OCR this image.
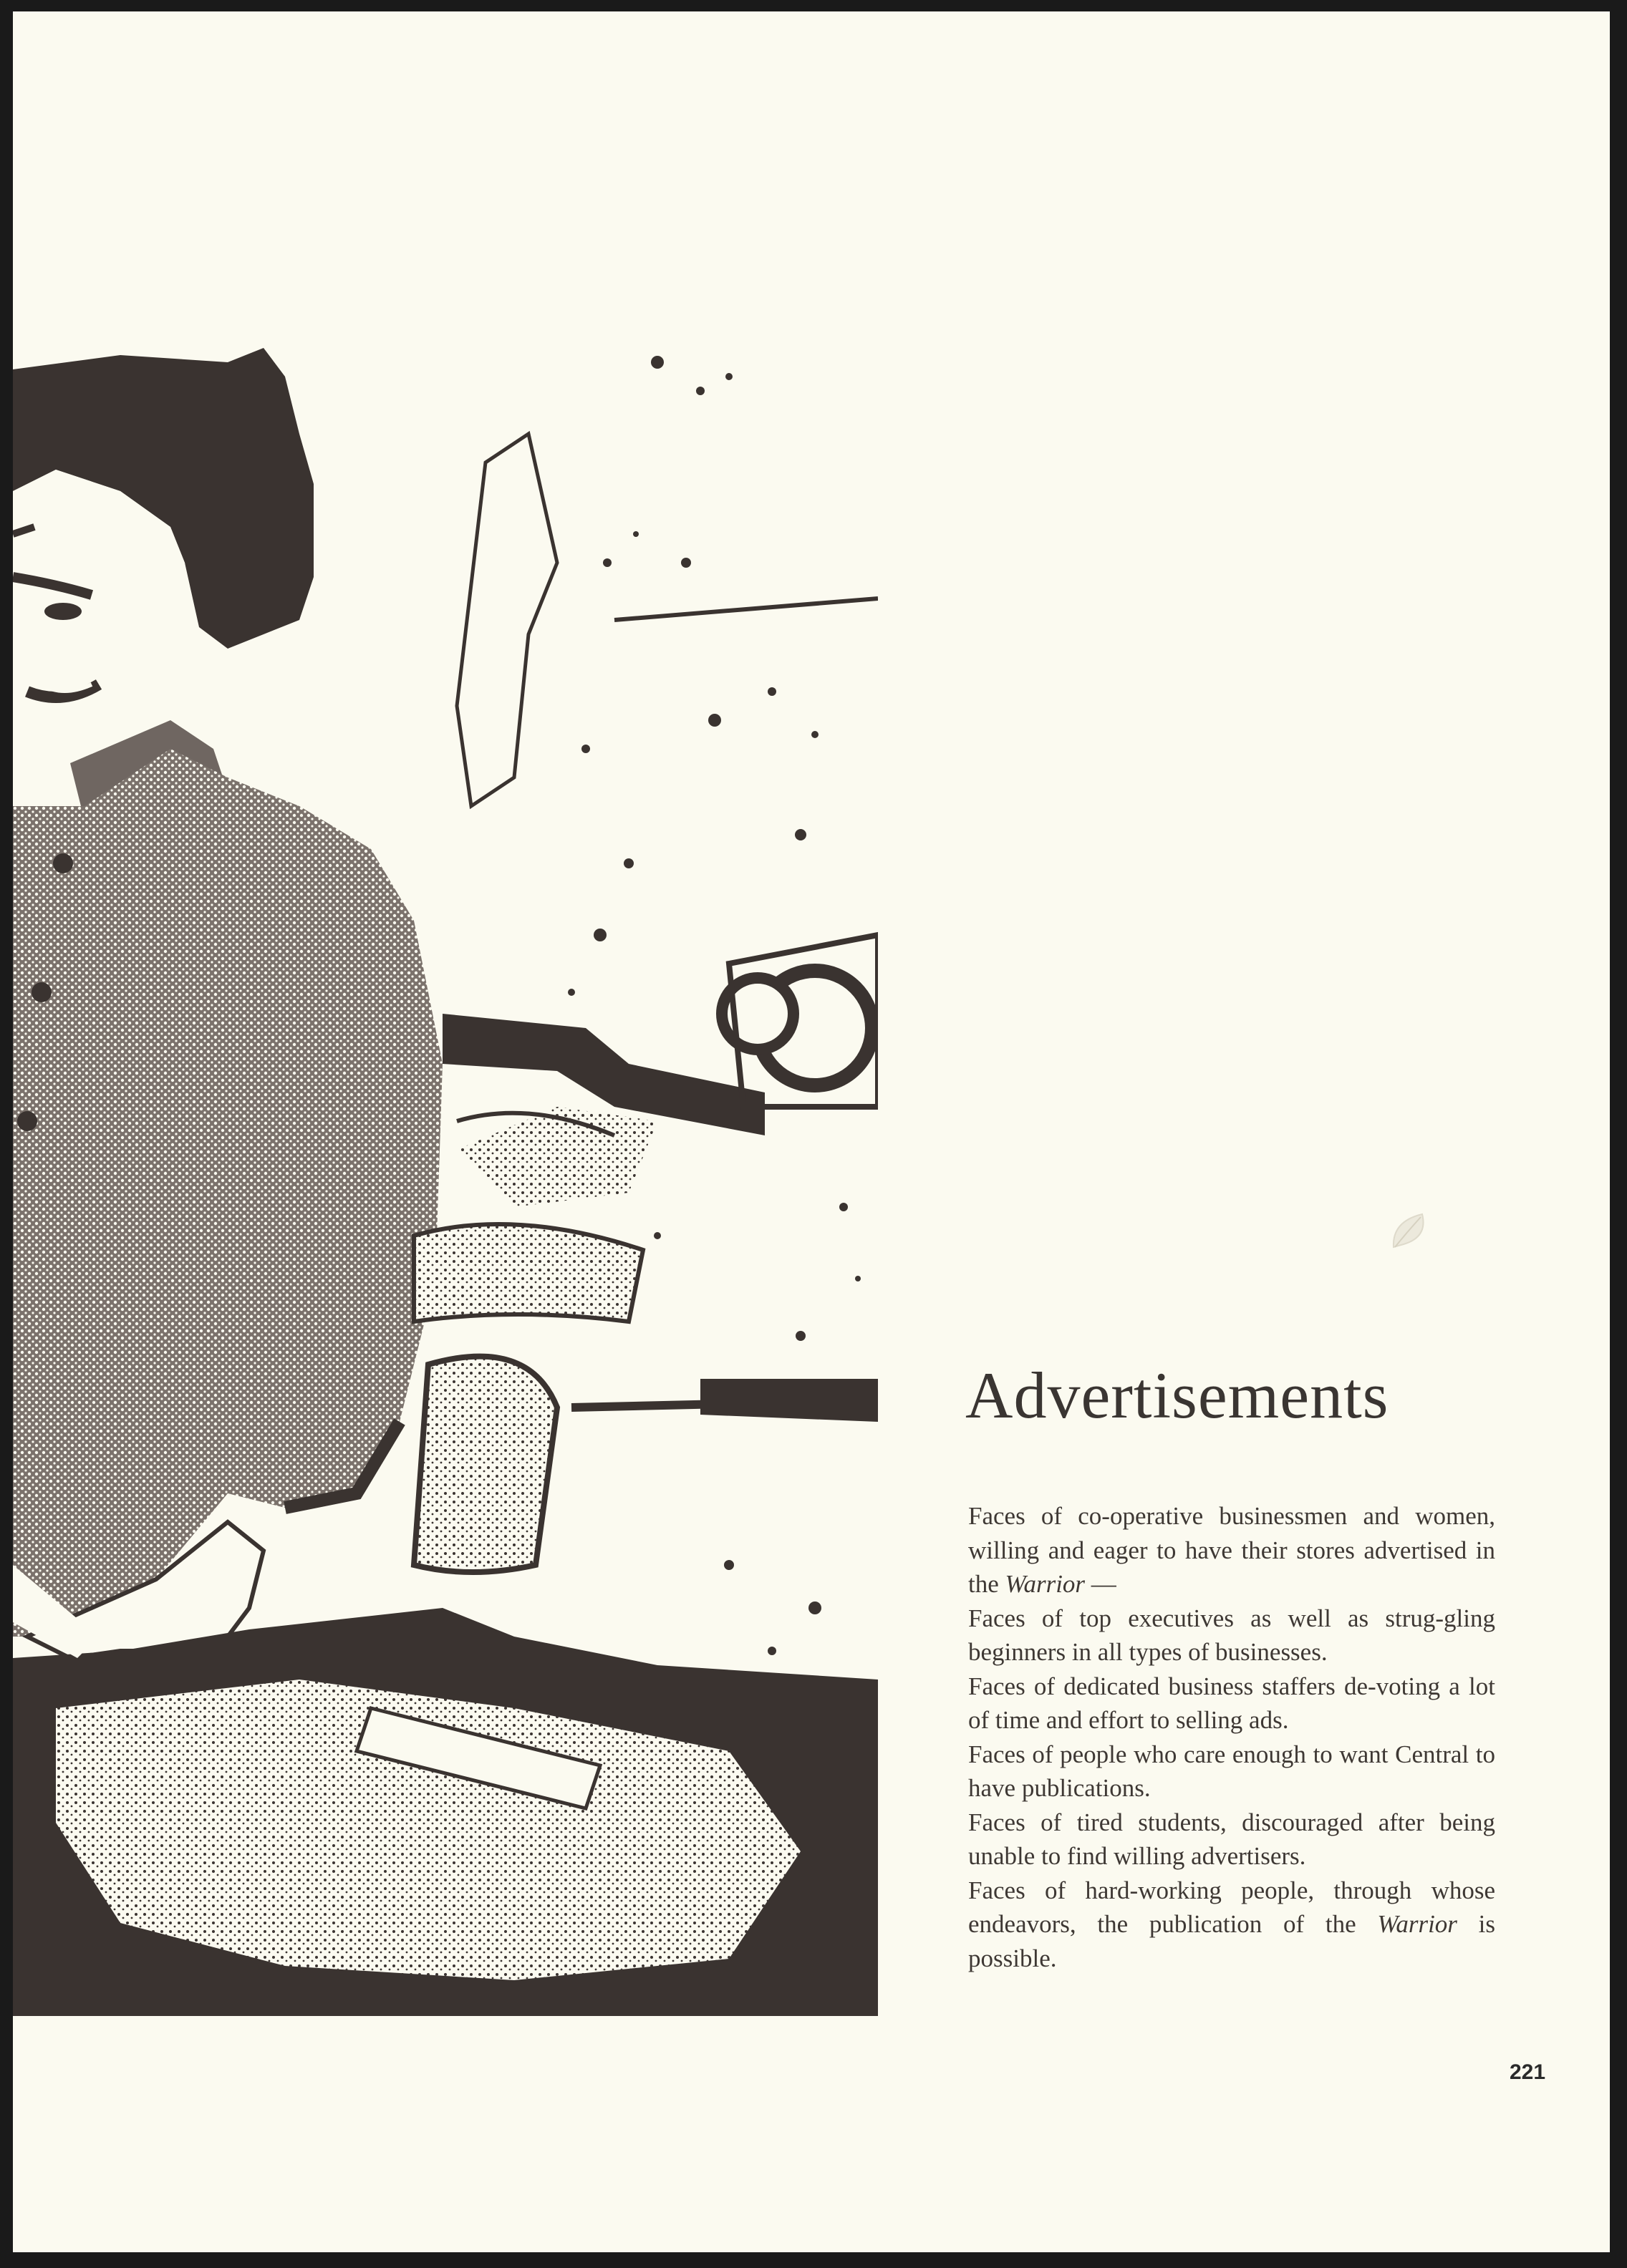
Advertisements

Faces of co-operative businessmen and women, willing and eager to have their stores advertised in the Warrior —

Faces of top executives as well as strug-gling beginners in all types of businesses.

Faces of dedicated business staffers de-voting a lot of time and effort to selling ads.

Faces of people who care enough to want Central to have publications.

Faces of tired students, discouraged after being unable to find willing advertisers.

Faces of hard-working people, through whose endeavors, the publication of the Warrior is possible.

221
